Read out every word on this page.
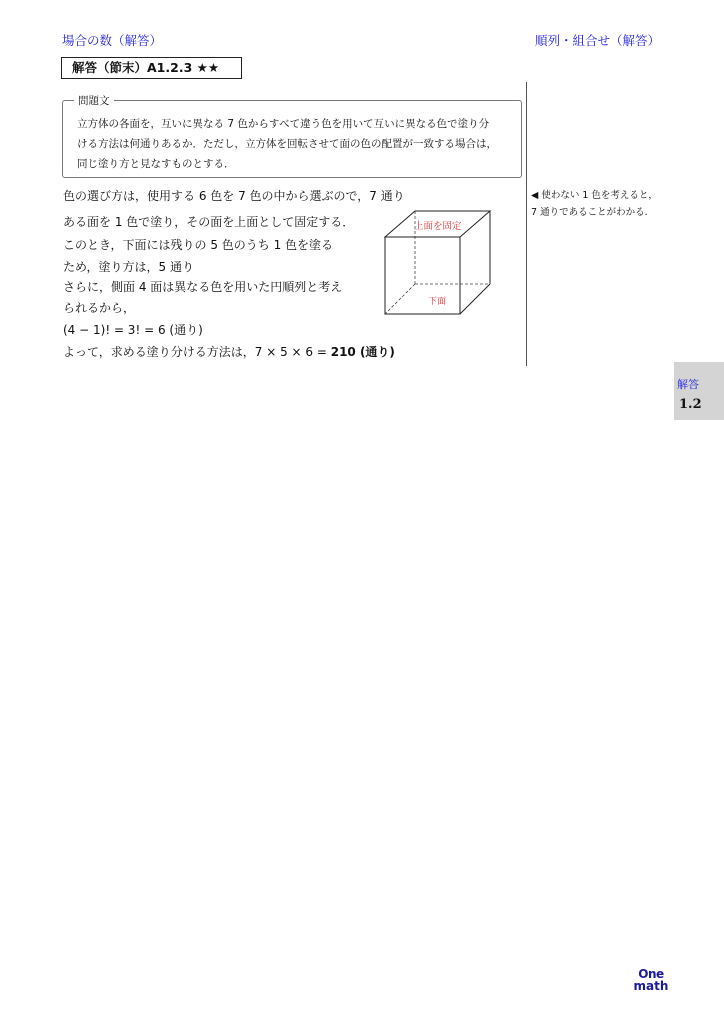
場合の数（解答）	順列・組合せ（解答）
解答（節末）A1.2.3 ★★
問題文
立方体の各面を，互いに異なる 7 色からすべて違う色を用いて互いに異なる色で塗り分
ける方法は何通りあるか．ただし，立方体を回転させて面の色の配置が一致する場合は，
同じ塗り方と見なすものとする．
◀ 使わない 1 色を考えると，
7 通りであることがわかる．
色の選び方は，使用する 6 色を 7 色の中から選ぶので，7 通り
ある面を 1 色で塗り，その面を上面として固定する．
このとき，下面には残りの 5 色のうち 1 色を塗る
ため，塗り方は，5 通り
さらに，側面 4 面は異なる色を用いた円順列と考え
られるから，
(4 − 1)! = 3! = 6 (通り)
よって，求める塗り分ける方法は，7 × 5 × 6 = 210 (通り)
上面を固定
下面
解答
1.2
One
math
